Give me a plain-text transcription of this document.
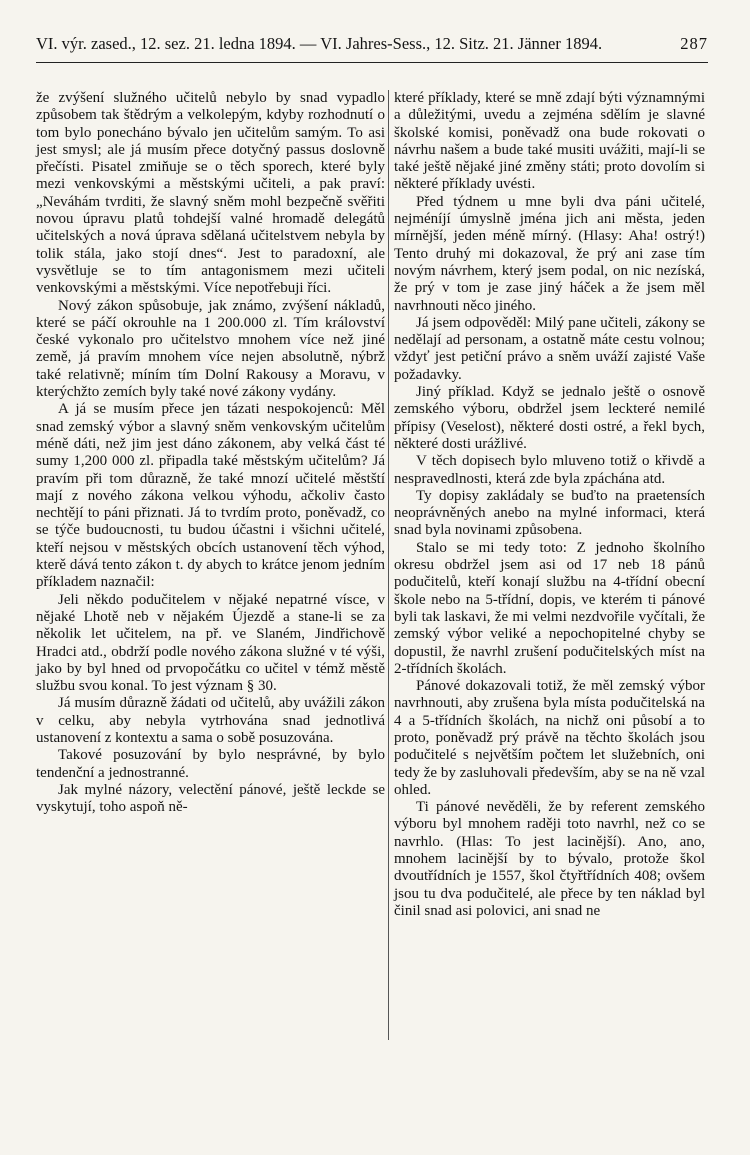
VI. výr. zased., 12. sez. 21. ledna 1894. — VI. Jahres-Sess., 12. Sitz. 21. Jänner 1894.	287

že zvýšení služného učitelů nebylo by snad vypadlo způsobem tak štědrým a velkolepým, kdyby rozhodnutí o tom bylo ponecháno bývalo jen učitelům samým. To asi jest smysl; ale já musím přece dotyčný passus doslovně přečísti. Pisatel zmiňuje se o těch sporech, které byly mezi venkovskými a městskými učiteli, a pak praví: „Neváhám tvrditi, že slavný sněm mohl bezpečně svěřiti novou úpravu platů tohdejší valné hromadě delegátů učitelských a nová úprava sdělaná učitelstvem nebyla by tolik stála, jako stojí dnes“. Jest to paradoxní, ale vysvětluje se to tím antagonismem mezi učiteli venkovskými a městskými. Více nepotřebuji říci.

Nový zákon spůsobuje, jak známo, zvýšení nákladů, které se páčí okrouhle na 1 200.000 zl. Tím království české vykonalo pro učitelstvo mnohem více než jiné země, já pravím mnohem více nejen absolutně, nýbrž také relativně; míním tím Dolní Rakousy a Moravu, v kterýchžto zemích byly také nové zákony vydány.

A já se musím přece jen tázati nespokojenců: Měl snad zemský výbor a slavný sněm venkovským učitelům méně dáti, než jim jest dáno zákonem, aby velká část té sumy 1,200 000 zl. připadla také městským učitelům? Já pravím při tom důrazně, že také mnozí učitelé městští mají z nového zákona velkou výhodu, ačkoliv často nechtějí to páni přiznati. Já to tvrdím proto, poněvadž, co se týče budoucnosti, tu budou účastni i všichni učitelé, kteří nejsou v městských obcích ustanovení těch výhod, kterě dává tento zákon t. dy abych to krátce jenom jedním příkladem naznačil:

Jeli někdo podučitelem v nějaké nepatrné vísce, v nějaké Lhotě neb v nějakém Újezdě a stane-li se za několik let učitelem, na př. ve Slaném, Jindřichově Hradci atd., obdrží podle nového zákona služné v té výši, jako by byl hned od prvopočátku co učitel v témž městě službu svou konal. To jest význam § 30.

Já musím důrazně žádati od učitelů, aby uvážili zákon v celku, aby nebyla vytrhována snad jednotlivá ustanovení z kontextu a sama o sobě posuzována.

Takové posuzování by bylo nesprávné, by bylo tendenční a jednostranné.

Jak mylné názory, velectění pánové, ještě leckde se vyskytují, toho aspoň ně-

které příklady, které se mně zdají býti významnými a důležitými, uvedu a zejména sdělím je slavné školské komisi, poněvadž ona bude rokovati o návrhu našem a bude také musiti uvážiti, mají-li se také ještě nějaké jiné změny státi; proto dovolím si některé příklady uvésti.

Před týdnem u mne byli dva páni učitelé, nejméníjí úmyslně jména jich ani města, jeden mírnější, jeden méně mírný. (Hlasy: Aha! ostrý!) Tento druhý mi dokazoval, že prý ani zase tím novým návrhem, který jsem podal, on nic nezíská, že prý v tom je zase jiný háček a že jsem měl navrhnouti něco jiného.

Já jsem odpověděl: Milý pane učiteli, zákony se nedělají ad personam, a ostatně máte cestu volnou; vždyť jest petiční právo a sněm uváží zajisté Vaše požadavky.

Jiný příklad. Když se jednalo ještě o osnově zemského výboru, obdržel jsem leckteré nemilé přípisy (Veselost), některé dosti ostré, a řekl bych, některé dosti urážlivé.

V těch dopisech bylo mluveno totiž o křivdě a nespravedlnosti, která zde byla zpáchána atd.

Ty dopisy zakládaly se buďto na praetensích neoprávněných anebo na mylné informaci, která snad byla novinami způsobena.

Stalo se mi tedy toto: Z jednoho školního okresu obdržel jsem asi od 17 neb 18 pánů podučitelů, kteří konají službu na 4-třídní obecní škole nebo na 5-třídní, dopis, ve kterém ti pánové byli tak laskavi, že mi velmi nezdvořile vyčítali, že zemský výbor veliké a nepochopitelné chyby se dopustil, že navrhl zrušení podučitelských míst na 2-třídních školách.

Pánové dokazovali totiž, že měl zemský výbor navrhnouti, aby zrušena byla místa podučitelská na 4 a 5-třídních školách, na nichž oni působí a to proto, poněvadž prý právě na těchto školách jsou podučitelé s největším počtem let služebních, oni tedy že by zasluhovali především, aby se na ně vzal ohled.

Ti pánové nevěděli, že by referent zemského výboru byl mnohem raději toto navrhl, než co se navrhlo. (Hlas: To jest lacinější). Ano, ano, mnohem lacinější by to bývalo, protože škol dvoutřídních je 1557, škol čtyřtřídních 408; ovšem jsou tu dva podučitelé, ale přece by ten náklad byl činil snad asi polovici, ani snad ne
